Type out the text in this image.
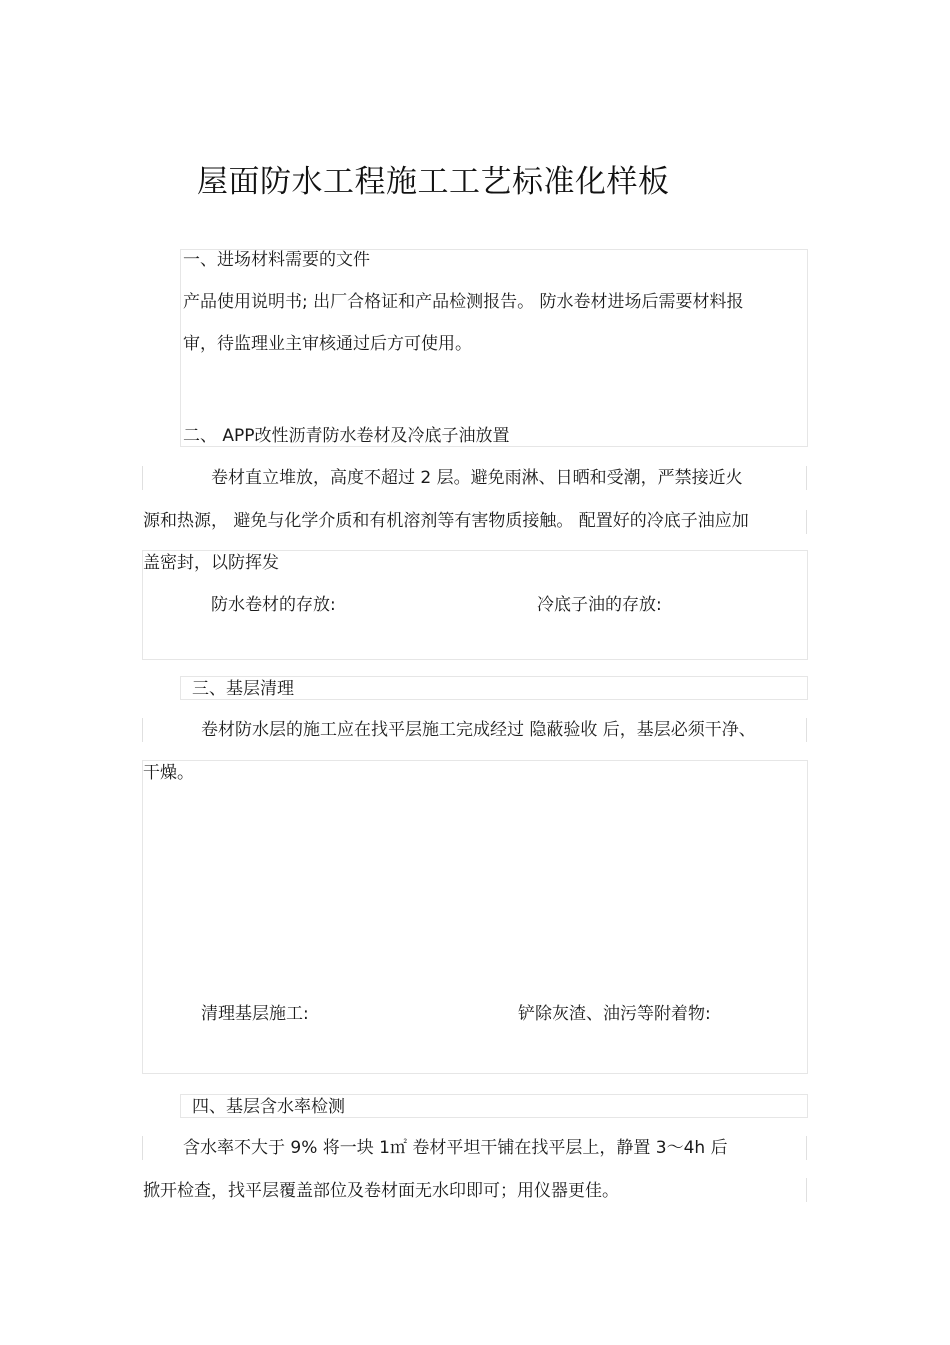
屋面防水工程施工工艺标准化样板
一、进场材料需要的文件
产品使用说明书; 出厂合格证和产品检测报告。 防水卷材进场后需要材料报
审，待监理业主审核通过后方可使用。
二、 APP改性沥青防水卷材及冷底子油放置
卷材直立堆放，高度不超过 2 层。避免雨淋、日晒和受潮，严禁接近火
源和热源， 避免与化学介质和有机溶剂等有害物质接触。 配置好的冷底子油应加
盖密封，以防挥发
防水卷材的存放:	冷底子油的存放:
三、基层清理
卷材防水层的施工应在找平层施工完成经过 隐蔽验收 后，基层必须干净、
干燥。
清理基层施工:	铲除灰渣、油污等附着物:
四、基层含水率检测
含水率不大于 9% 将一块 1㎡ 卷材平坦干铺在找平层上，静置 3～4h 后
掀开检查，找平层覆盖部位及卷材面无水印即可；用仪器更佳。
